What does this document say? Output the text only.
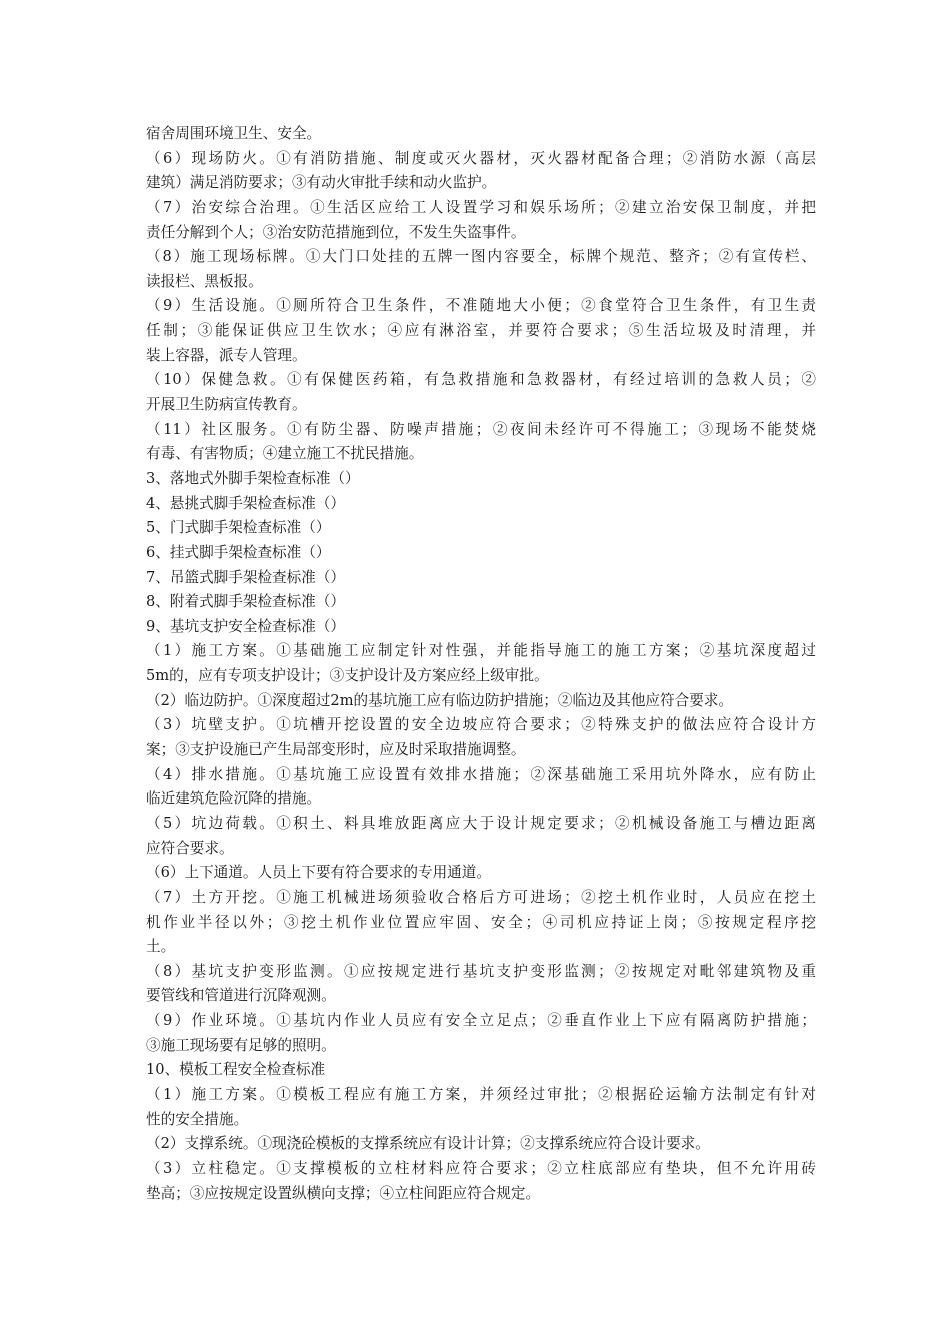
宿舍周围环境卫生、安全。
（6）现场防火。①有消防措施、制度或灭火器材，灭火器材配备合理；②消防水源（高层
建筑）满足消防要求；③有动火审批手续和动火监护。
（7）治安综合治理。①生活区应给工人设置学习和娱乐场所；②建立治安保卫制度，并把
责任分解到个人；③治安防范措施到位，不发生失盗事件。
（8）施工现场标牌。①大门口处挂的五牌一图内容要全，标牌个规范、整齐；②有宣传栏、
读报栏、黑板报。
（9）生活设施。①厕所符合卫生条件，不准随地大小便；②食堂符合卫生条件，有卫生责
任制；③能保证供应卫生饮水；④应有淋浴室，并要符合要求；⑤生活垃圾及时清理，并
装上容器，派专人管理。
（10）保健急救。①有保健医药箱，有急救措施和急救器材，有经过培训的急救人员；②
开展卫生防病宣传教育。
（11）社区服务。①有防尘器、防噪声措施；②夜间未经许可不得施工；③现场不能焚烧
有毒、有害物质；④建立施工不扰民措施。
3、落地式外脚手架检查标准（）
4、悬挑式脚手架检查标准（）
5、门式脚手架检查标准（）
6、挂式脚手架检查标准（）
7、吊篮式脚手架检查标准（）
8、附着式脚手架检查标准（）
9、基坑支护安全检查标准（）
（1）施工方案。①基础施工应制定针对性强，并能指导施工的施工方案；②基坑深度超过
5m的，应有专项支护设计；③支护设计及方案应经上级审批。
（2）临边防护。①深度超过2m的基坑施工应有临边防护措施；②临边及其他应符合要求。
（3）坑壁支护。①坑槽开挖设置的安全边坡应符合要求；②特殊支护的做法应符合设计方
案；③支护设施已产生局部变形时，应及时采取措施调整。
（4）排水措施。①基坑施工应设置有效排水措施；②深基础施工采用坑外降水，应有防止
临近建筑危险沉降的措施。
（5）坑边荷载。①积土、料具堆放距离应大于设计规定要求；②机械设备施工与槽边距离
应符合要求。
（6）上下通道。人员上下要有符合要求的专用通道。
（7）土方开挖。①施工机械进场须验收合格后方可进场；②挖土机作业时，人员应在挖土
机作业半径以外；③挖土机作业位置应牢固、安全；④司机应持证上岗；⑤按规定程序挖
土。
（8）基坑支护变形监测。①应按规定进行基坑支护变形监测；②按规定对毗邻建筑物及重
要管线和管道进行沉降观测。
（9）作业环境。①基坑内作业人员应有安全立足点；②垂直作业上下应有隔离防护措施；
③施工现场要有足够的照明。
10、模板工程安全检查标准
（1）施工方案。①模板工程应有施工方案，并须经过审批；②根据砼运输方法制定有针对
性的安全措施。
（2）支撑系统。①现浇砼模板的支撑系统应有设计计算；②支撑系统应符合设计要求。
（3）立柱稳定。①支撑模板的立柱材料应符合要求；②立柱底部应有垫块，但不允许用砖
垫高；③应按规定设置纵横向支撑；④立柱间距应符合规定。
